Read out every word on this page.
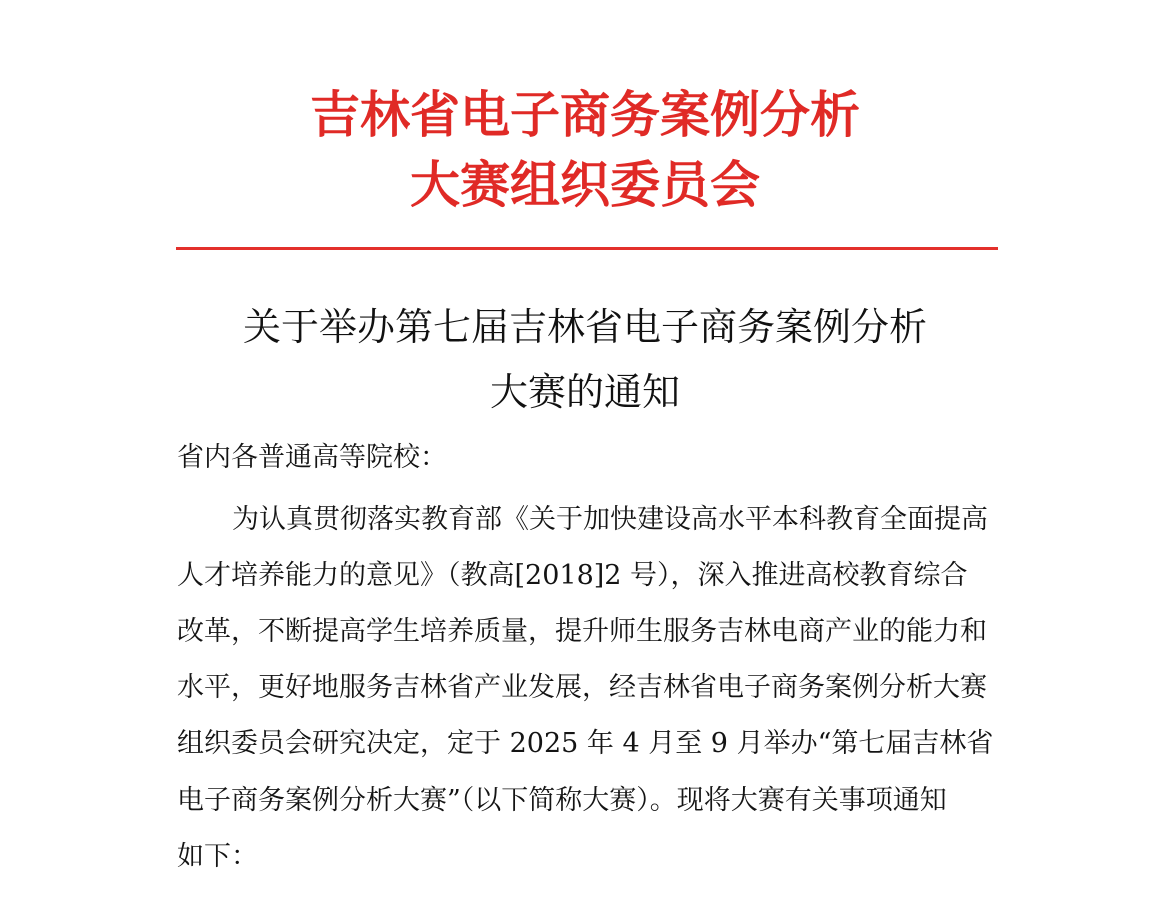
吉林省电子商务案例分析
大赛组织委员会
关于举办第七届吉林省电子商务案例分析
大赛的通知
省内各普通高等院校：
为认真贯彻落实教育部《关于加快建设高水平本科教育全面提高
人才培养能力的意见》（教高[2018]2 号），深入推进高校教育综合
改革，不断提高学生培养质量，提升师生服务吉林电商产业的能力和
水平，更好地服务吉林省产业发展，经吉林省电子商务案例分析大赛
组织委员会研究决定，定于 2025 年 4 月至 9 月举办“第七届吉林省
电子商务案例分析大赛”（以下简称大赛）。现将大赛有关事项通知
如下：
